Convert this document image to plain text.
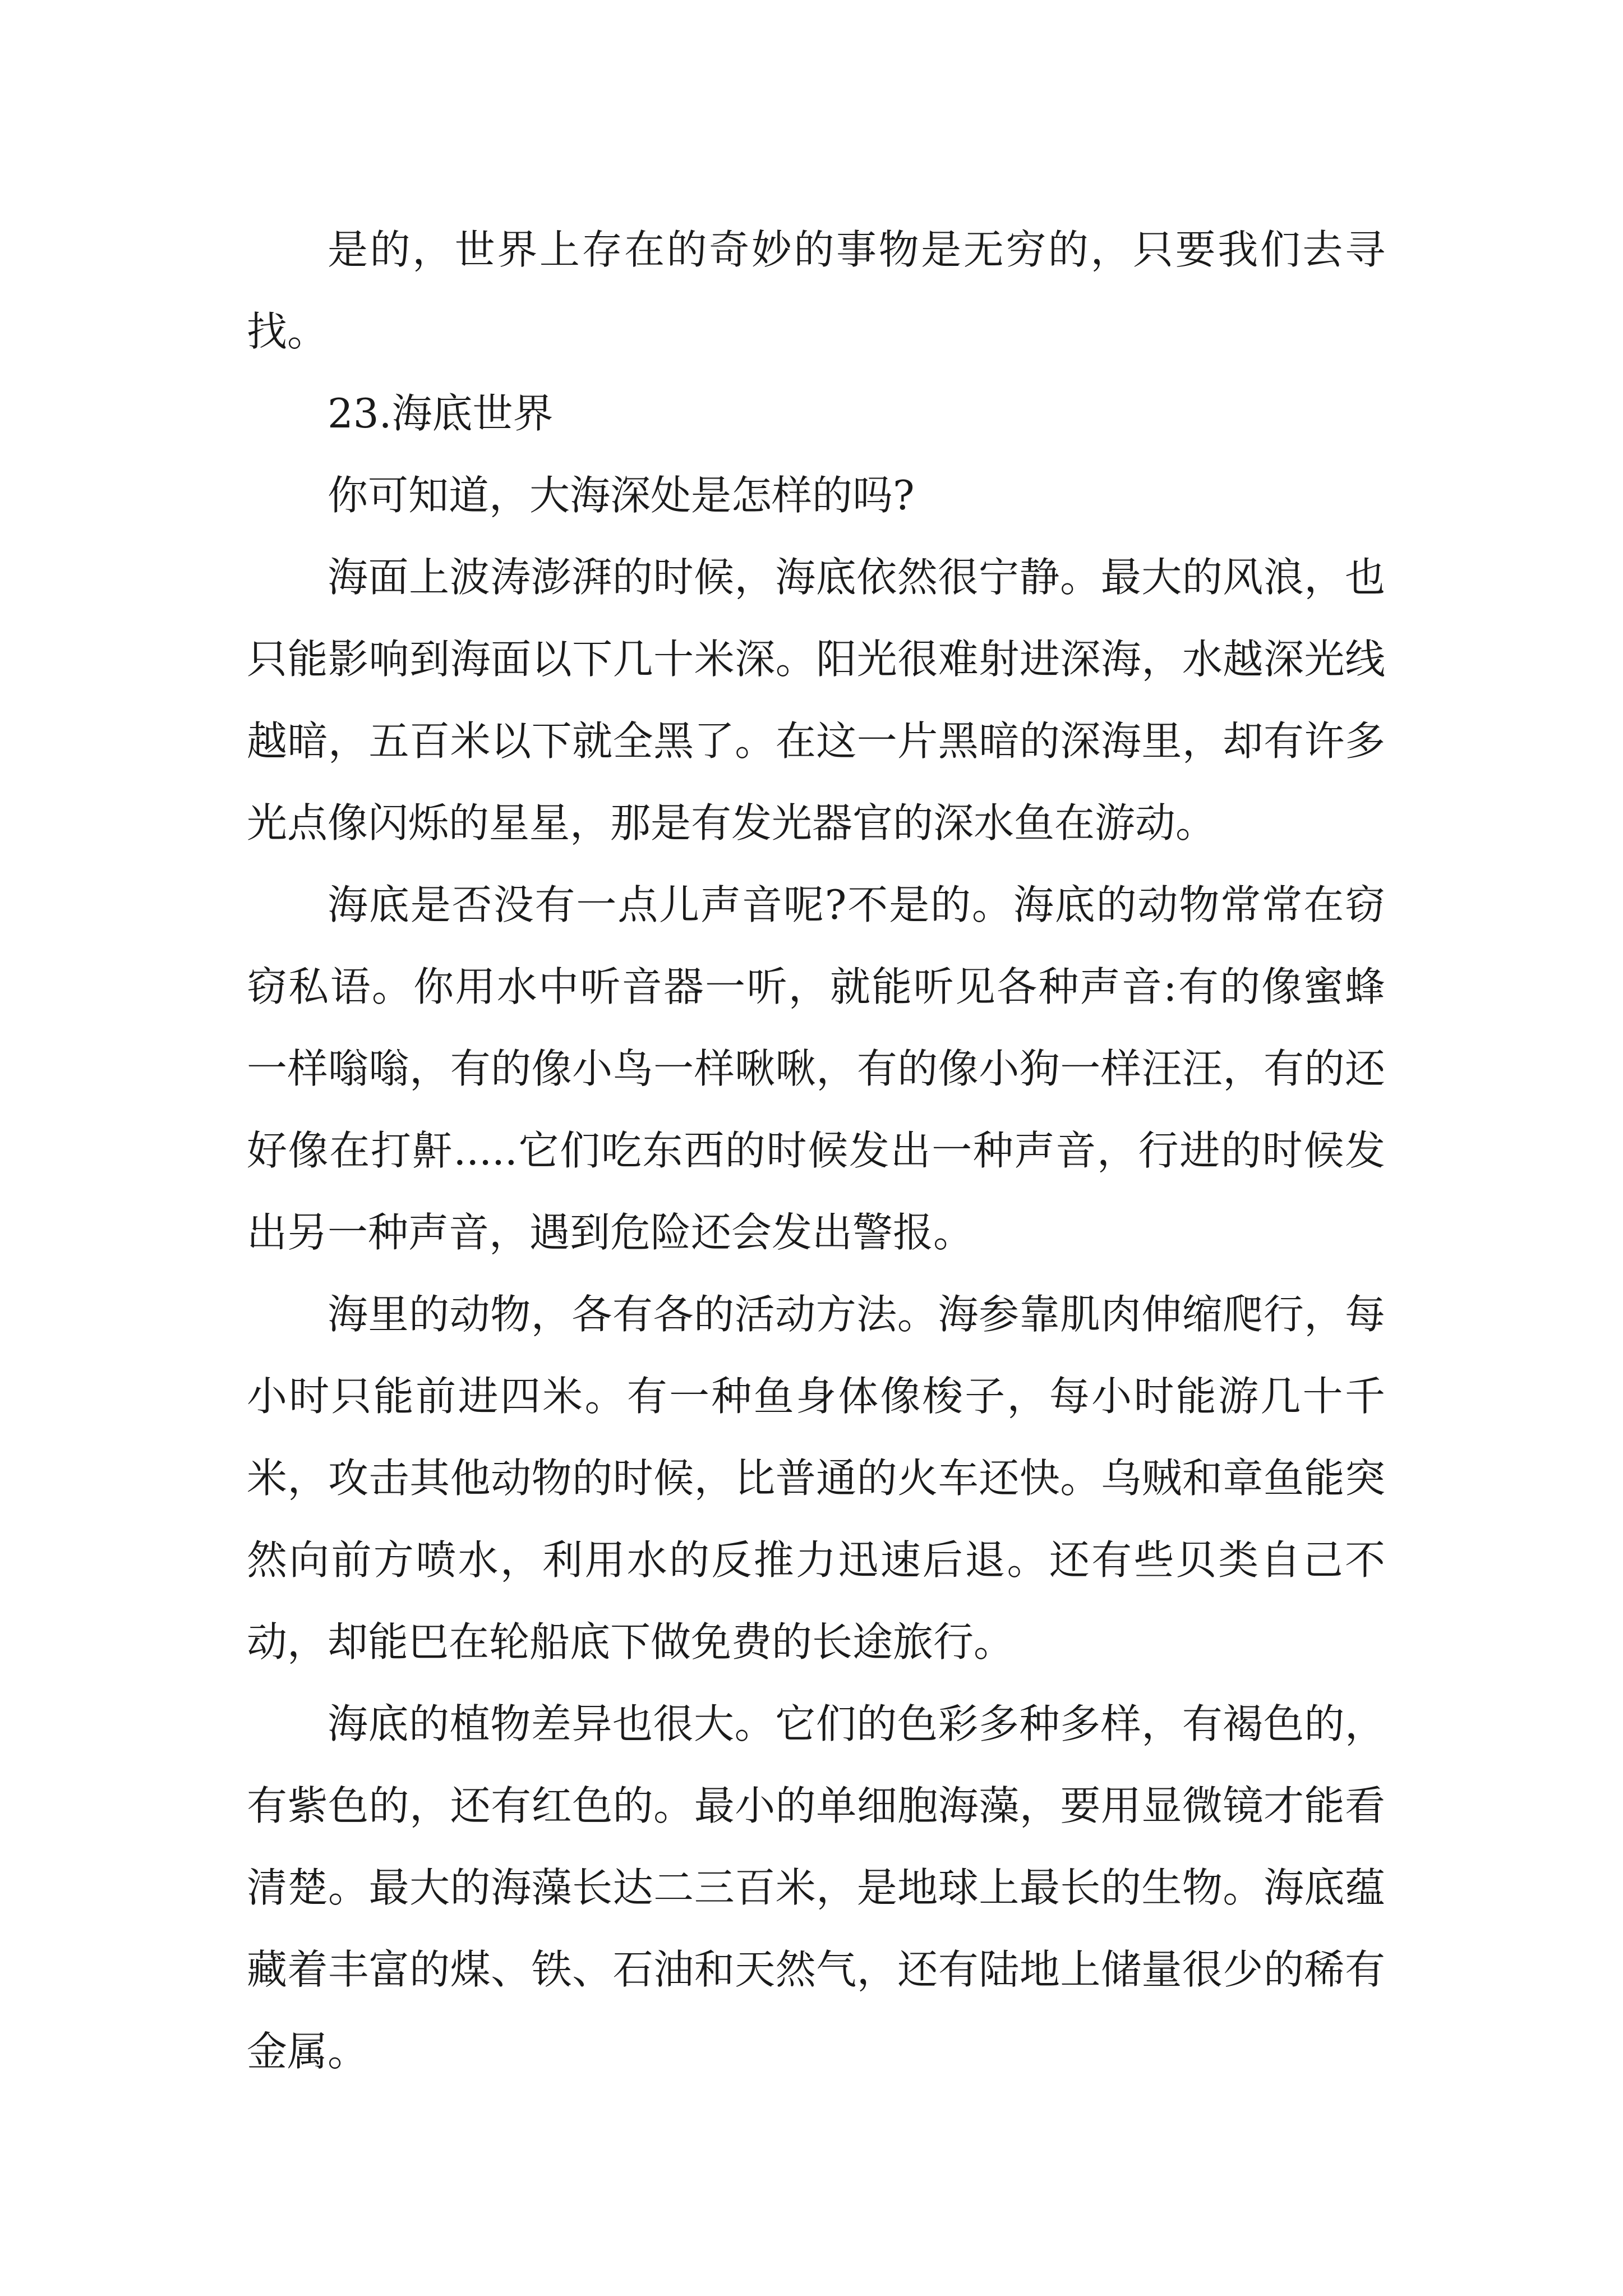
是的，世界上存在的奇妙的事物是无穷的，只要我们去寻找。

23.海底世界

你可知道，大海深处是怎样的吗?

海面上波涛澎湃的时候，海底依然很宁静。最大的风浪，也只能影响到海面以下几十米深。阳光很难射进深海，水越深光线越暗，五百米以下就全黑了。在这一片黑暗的深海里，却有许多光点像闪烁的星星，那是有发光器官的深水鱼在游动。

海底是否没有一点儿声音呢?不是的。海底的动物常常在窃窃私语。你用水中听音器一听，就能听见各种声音:有的像蜜蜂一样嗡嗡，有的像小鸟一样啾啾，有的像小狗一样汪汪，有的还好像在打鼾.....它们吃东西的时候发出一种声音，行进的时候发出另一种声音，遇到危险还会发出警报。

海里的动物，各有各的活动方法。海参靠肌肉伸缩爬行，每小时只能前进四米。有一种鱼身体像梭子，每小时能游几十千米，攻击其他动物的时候，比普通的火车还快。乌贼和章鱼能突然向前方喷水，利用水的反推力迅速后退。还有些贝类自己不动，却能巴在轮船底下做免费的长途旅行。

海底的植物差异也很大。它们的色彩多种多样，有褐色的，有紫色的，还有红色的。最小的单细胞海藻，要用显微镜才能看清楚。最大的海藻长达二三百米，是地球上最长的生物。海底蕴藏着丰富的煤、铁、石油和天然气，还有陆地上储量很少的稀有金属。
